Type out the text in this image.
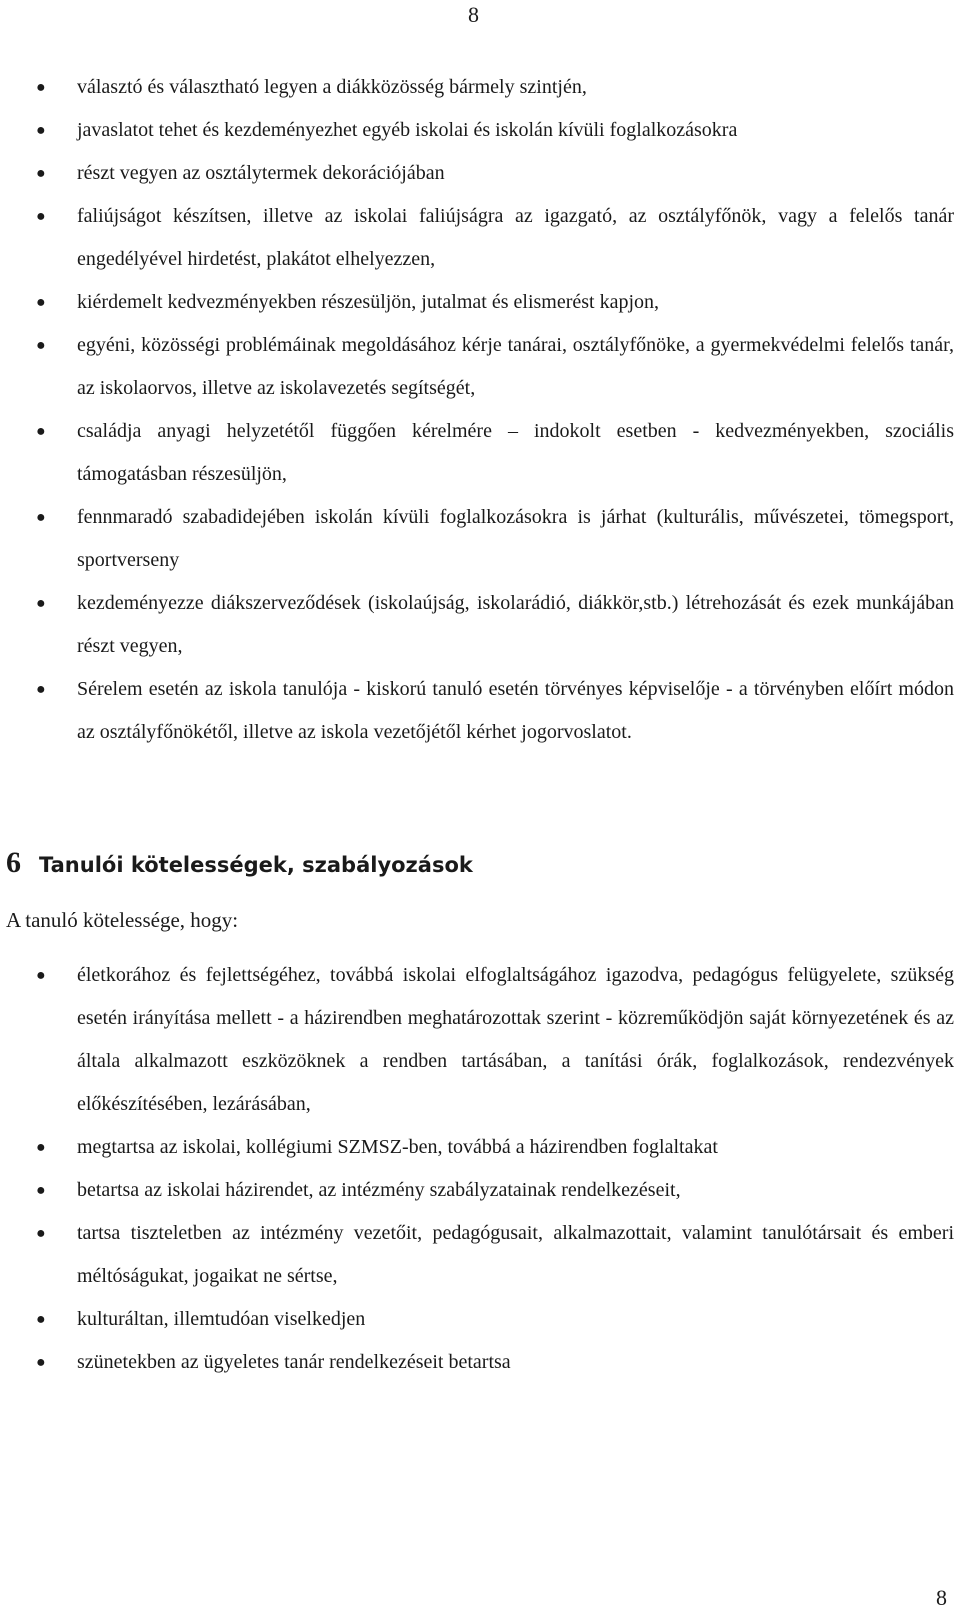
8
● választó és választható legyen a diákközösség bármely szintjén,
● javaslatot tehet és kezdeményezhet egyéb iskolai és iskolán kívüli foglalkozásokra
● részt vegyen az osztálytermek dekorációjában
● faliújságot készítsen, illetve az iskolai faliújságra az igazgató, az osztályfőnök, vagy a felelős tanár engedélyével hirdetést, plakátot elhelyezzen,
● kiérdemelt kedvezményekben részesüljön, jutalmat és elismerést kapjon,
● egyéni, közösségi problémáinak megoldásához kérje tanárai, osztályfőnöke, a gyermekvédelmi felelős tanár, az iskolaorvos, illetve az iskolavezetés segítségét,
● családja anyagi helyzetétől függően kérelmére – indokolt esetben - kedvezményekben, szociális támogatásban részesüljön,
● fennmaradó szabadidejében iskolán kívüli foglalkozásokra is járhat (kulturális, művészetei, tömegsport, sportverseny
● kezdeményezze diákszerveződések (iskolaújság, iskolarádió, diákkör,stb.) létrehozását és ezek munkájában részt vegyen,
● Sérelem esetén az iskola tanulója - kiskorú tanuló esetén törvényes képviselője - a törvényben előírt módon az osztályfőnökétől, illetve az iskola vezetőjétől kérhet jogorvoslatot.
6 Tanulói kötelességek, szabályozások
A tanuló kötelessége, hogy:
● életkorához és fejlettségéhez, továbbá iskolai elfoglaltságához igazodva, pedagógus felügyelete, szükség esetén irányítása mellett - a házirendben meghatározottak szerint - közreműködjön saját környezetének és az általa alkalmazott eszközöknek a rendben tartásában, a tanítási órák, foglalkozások, rendezvények előkészítésében, lezárásában,
● megtartsa az iskolai, kollégiumi SZMSZ-ben, továbbá a házirendben foglaltakat
● betartsa az iskolai házirendet, az intézmény szabályzatainak rendelkezéseit,
● tartsa tiszteletben az intézmény vezetőit, pedagógusait, alkalmazottait, valamint tanulótársait és emberi méltóságukat, jogaikat ne sértse,
● kulturáltan, illemtudóan viselkedjen
● szünetekben az ügyeletes tanár rendelkezéseit betartsa
8
